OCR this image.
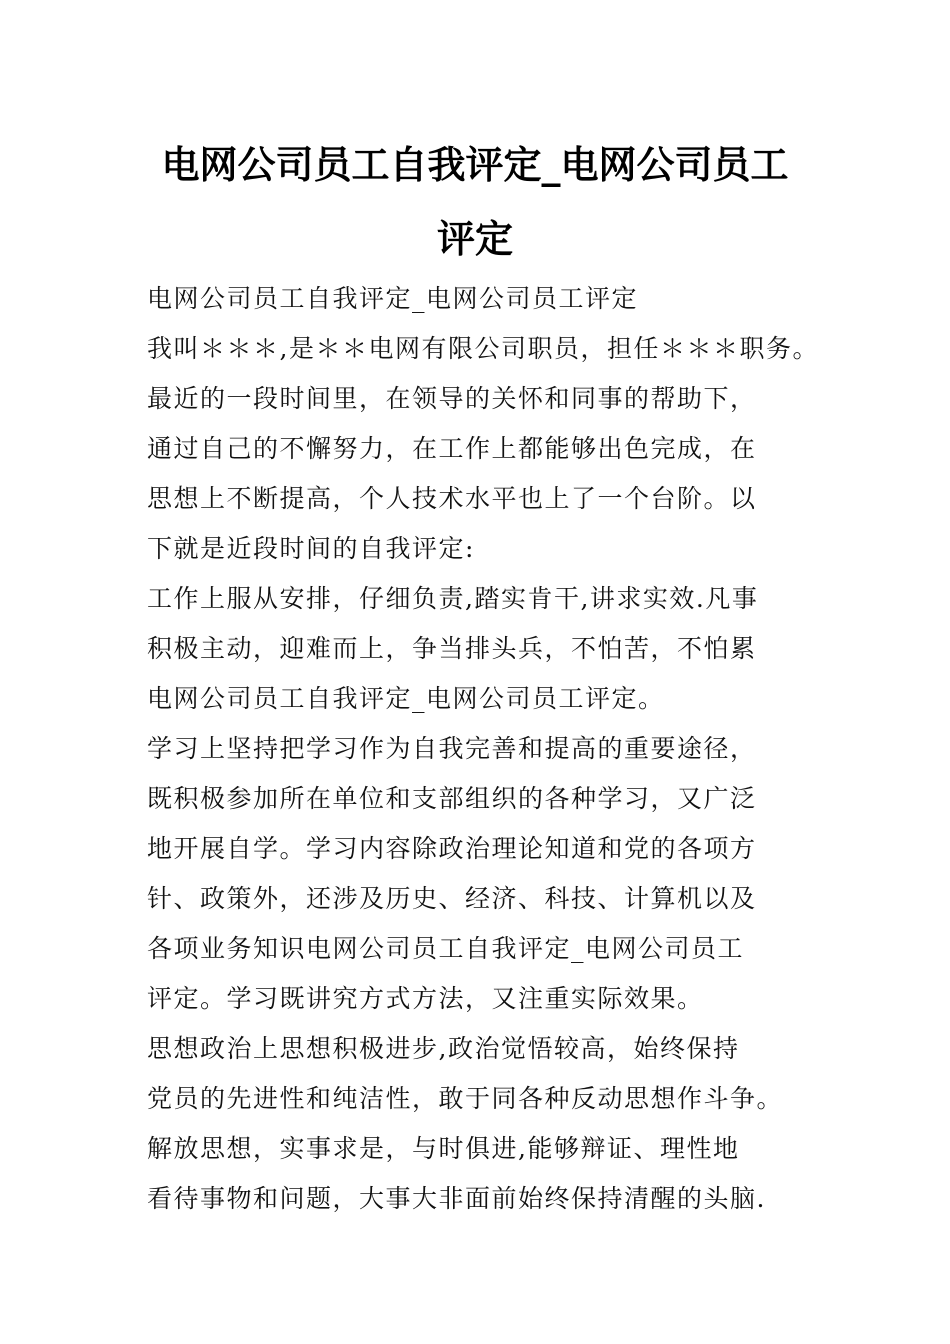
电网公司员工自我评定_电网公司员工
评定
电网公司员工自我评定_电网公司员工评定
我叫＊＊＊,是＊＊电网有限公司职员，担任＊＊＊职务。
最近的一段时间里，在领导的关怀和同事的帮助下，
通过自己的不懈努力，在工作上都能够出色完成，在
思想上不断提高，个人技术水平也上了一个台阶。以
下就是近段时间的自我评定:
工作上服从安排，仔细负责,踏实肯干,讲求实效.凡事
积极主动，迎难而上，争当排头兵，不怕苦，不怕累
电网公司员工自我评定_电网公司员工评定。
学习上坚持把学习作为自我完善和提高的重要途径，
既积极参加所在单位和支部组织的各种学习，又广泛
地开展自学。学习内容除政治理论知道和党的各项方
针、政策外，还涉及历史、经济、科技、计算机以及
各项业务知识电网公司员工自我评定_电网公司员工
评定。学习既讲究方式方法，又注重实际效果。
思想政治上思想积极进步,政治觉悟较高，始终保持
党员的先进性和纯洁性，敢于同各种反动思想作斗争。
解放思想，实事求是，与时俱进,能够辩证、理性地
看待事物和问题，大事大非面前始终保持清醒的头脑.
